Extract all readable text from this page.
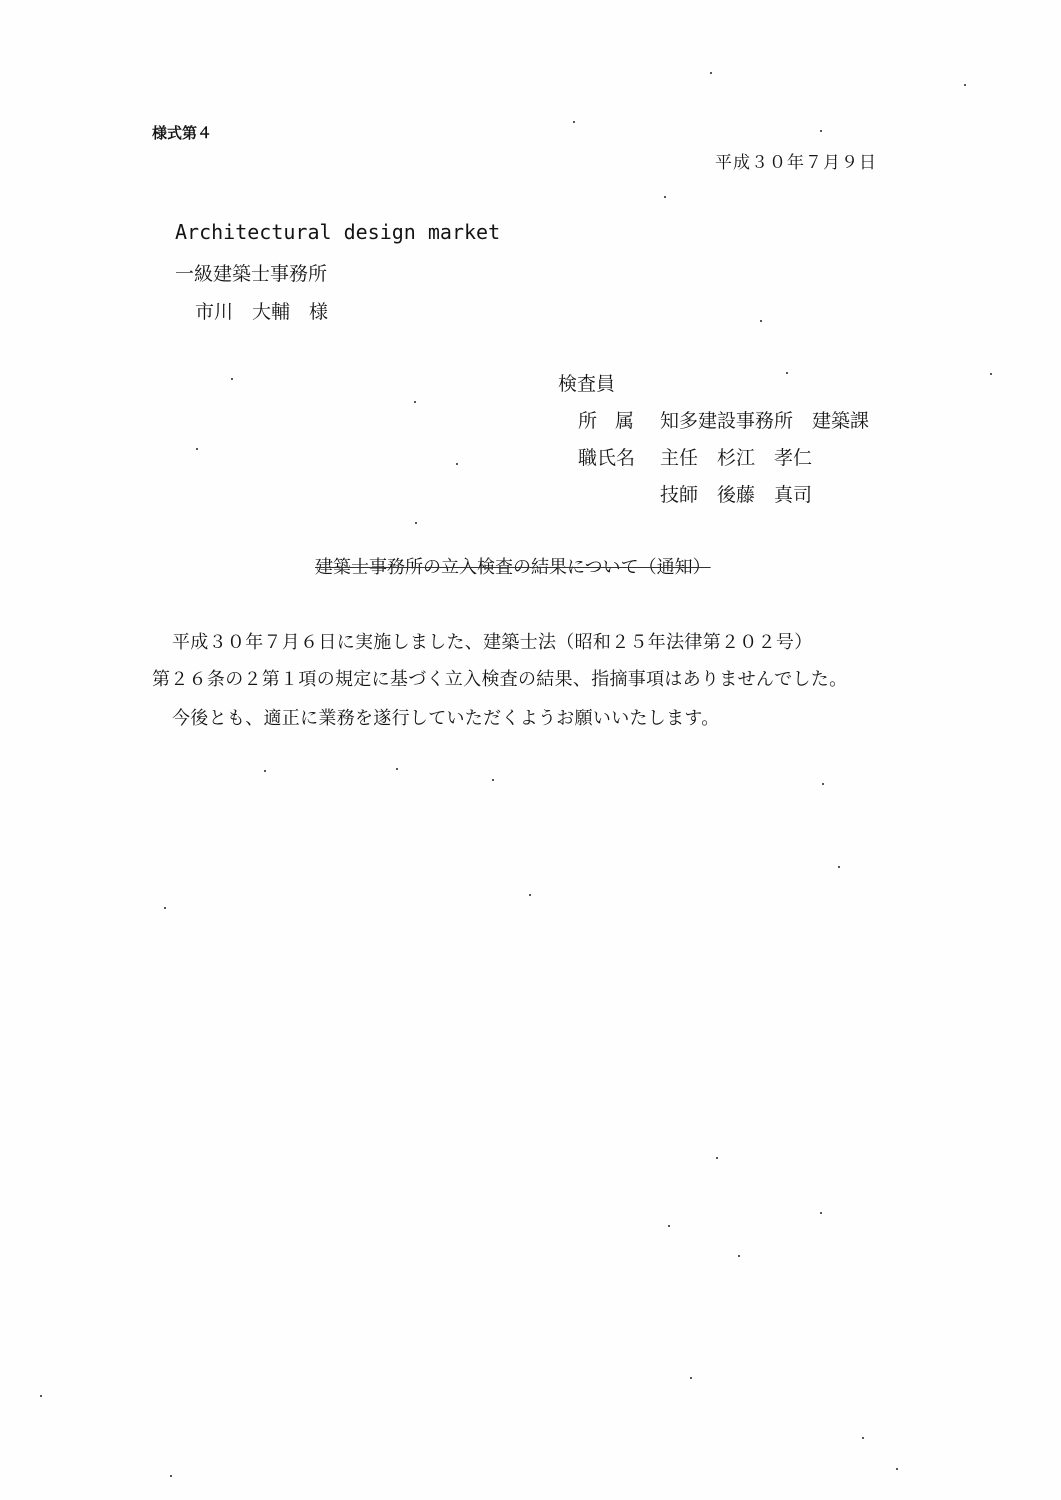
様式第４
平成３０年７月９日
Architectural design market
一級建築士事務所
市川　大輔　様
検査員
所属 知多建設事務所　建築課
職氏名 主任　杉江　孝仁
技師　後藤　真司
建築士事務所の立入検査の結果について（通知）
平成３０年７月６日に実施しました、建築士法（昭和２５年法律第２０２号）
第２６条の２第１項の規定に基づく立入検査の結果、指摘事項はありませんでした。
今後とも、適正に業務を遂行していただくようお願いいたします。
